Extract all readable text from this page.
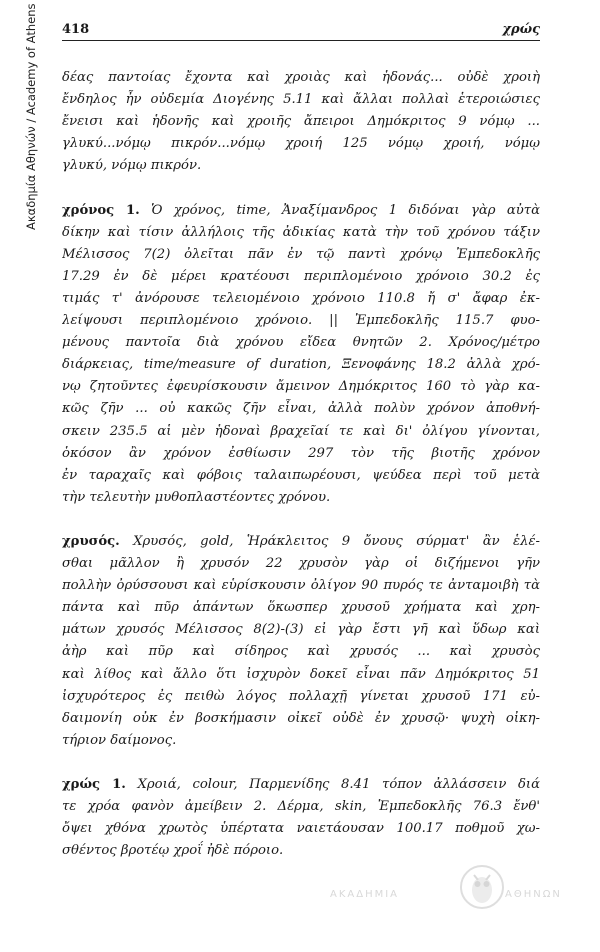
418	χρώς
Ακαδημία Αθηνών / Academy of Athens δέας παντοίας ἔχοντα καὶ χροιὰς καὶ ἡδονάς... οὐδὲ χροιὴ
ἔνδηλος ἦν οὐδεμία Διογένης 5.11 καὶ ἄλλαι πολλαὶ ἑτεροιώσιες
ἔνεισι καὶ ἡδονῆς καὶ χροιῆς ἄπειροι Δημόκριτος 9 νόμῳ ...
γλυκύ...νόμῳ πικρόν...νόμῳ χροιή 125 νόμῳ χροιή, νόμῳ
γλυκύ, νόμῳ πικρόν.
χρόνος 1. Ὁ χρόνος, time, Ἀναξίμανδρος 1 διδόναι γὰρ αὐτὰ
δίκην καὶ τίσιν ἀλλήλοις τῆς ἀδικίας κατὰ τὴν τοῦ χρόνου τάξιν
Μέλισσος 7(2) ὀλεῖται πᾶν ἐν τῷ παντὶ χρόνῳ Ἐμπεδοκλῆς
17.29 ἐν δὲ μέρει κρατέουσι περιπλομένοιο χρόνοιο 30.2 ἐς
τιμάς τ' ἀνόρουσε τελειομένοιο χρόνοιο 110.8 ἤ σ' ἄφαρ ἐκ-
λείψουσι περιπλομένοιο χρόνοιο. || Ἐμπεδοκλῆς 115.7 φυο-
μένους παντοῖα διὰ χρόνου εἴδεα θνητῶν 2. Χρόνος/μέτρο
διάρκειας, time/measure of duration, Ξενοφάνης 18.2 ἀλλὰ χρό-
νῳ ζητοῦντες ἐφευρίσκουσιν ἄμεινον Δημόκριτος 160 τὸ γὰρ κα-
κῶς ζῆν ... οὐ κακῶς ζῆν εἶναι, ἀλλὰ πολὺν χρόνον ἀποθνή-
σκειν 235.5 αἱ μὲν ἡδοναὶ βραχεῖαί τε καὶ δι' ὀλίγου γίνονται,
ὁκόσον ἂν χρόνον ἐσθίωσιν 297 τὸν τῆς βιοτῆς χρόνον
ἐν ταραχαῖς καὶ φόβοις ταλαιπωρέουσι, ψεύδεα περὶ τοῦ μετὰ
τὴν τελευτὴν μυθοπλαστέοντες χρόνου.
χρυσός. Χρυσός, gold, Ἡράκλειτος 9 ὄνους σύρματ' ἂν ἑλέ-
σθαι μᾶλλον ἢ χρυσόν 22 χρυσὸν γὰρ οἱ διζήμενοι γῆν
πολλὴν ὀρύσσουσι καὶ εὑρίσκουσιν ὀλίγον 90 πυρός τε ἀνταμοιβὴ τὰ
πάντα καὶ πῦρ ἁπάντων ὅκωσπερ χρυσοῦ χρήματα καὶ χρη-
μάτων χρυσός Μέλισσος 8(2)-(3) εἰ γὰρ ἔστι γῆ καὶ ὕδωρ καὶ
ἀὴρ καὶ πῦρ καὶ σίδηρος καὶ χρυσός ... καὶ χρυσὸς
καὶ λίθος καὶ ἄλλο ὅτι ἰσχυρὸν δοκεῖ εἶναι πᾶν Δημόκριτος 51
ἰσχυρότερος ἐς πειθὼ λόγος πολλαχῇ γίνεται χρυσοῦ 171 εὐ-
δαιμονίη οὐκ ἐν βοσκήμασιν οἰκεῖ οὐδὲ ἐν χρυσῷ· ψυχὴ οἰκη-
τήριον δαίμονος.
χρώς 1. Χροιά, colour, Παρμενίδης 8.41 τόπον ἀλλάσσειν διά
τε χρόα φανὸν ἀμείβειν 2. Δέρμα, skin, Ἐμπεδοκλῆς 76.3 ἔνθ'
ὄψει χθόνα χρωτὸς ὑπέρτατα ναιετάουσαν 100.17 ποθμοῦ χω-
σθέντος βροτέῳ χροΐ ἠδὲ πόροιο.
ΑΚΑΔΗΜΙΑ	ΑΘΗΝΩΝ
